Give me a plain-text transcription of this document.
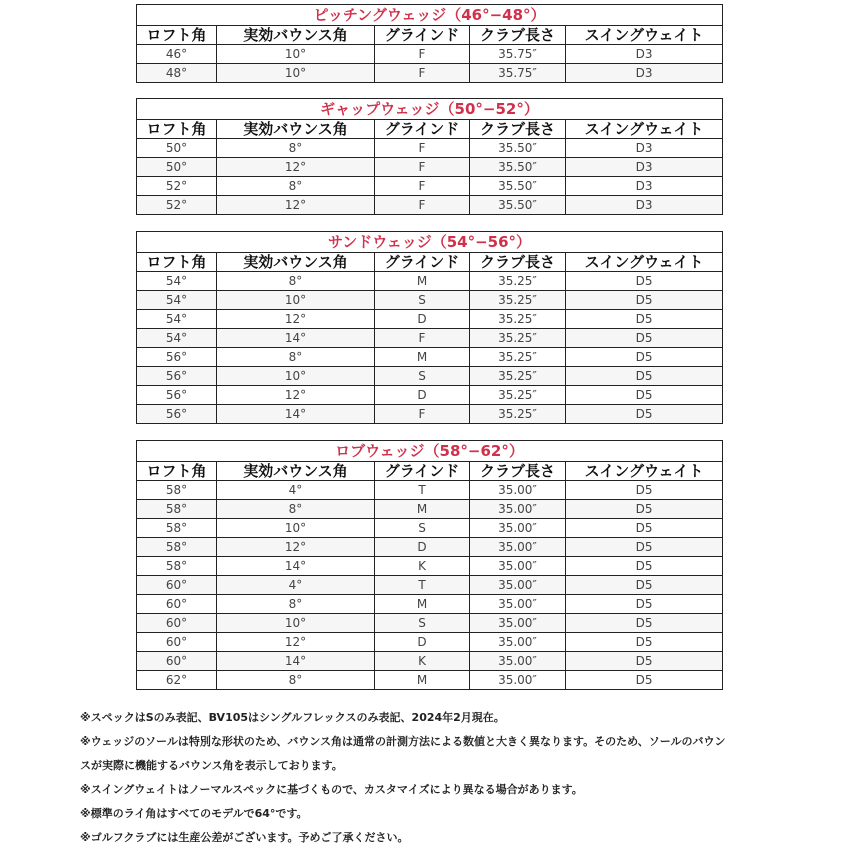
ピッチングウェッジ（46°−48°）				
ロフト角	実効バウンス角	グラインド	クラブ長さ	スイングウェイト
46°	10°	F	35.75″	D3
48°	10°	F	35.75″	D3
ギャップウェッジ（50°−52°）				
ロフト角	実効バウンス角	グラインド	クラブ長さ	スイングウェイト
50°	8°	F	35.50″	D3
50°	12°	F	35.50″	D3
52°	8°	F	35.50″	D3
52°	12°	F	35.50″	D3
サンドウェッジ（54°−56°）				
ロフト角	実効バウンス角	グラインド	クラブ長さ	スイングウェイト
54°	8°	M	35.25″	D5
54°	10°	S	35.25″	D5
54°	12°	D	35.25″	D5
54°	14°	F	35.25″	D5
56°	8°	M	35.25″	D5
56°	10°	S	35.25″	D5
56°	12°	D	35.25″	D5
56°	14°	F	35.25″	D5
ロブウェッジ（58°−62°）				
ロフト角	実効バウンス角	グラインド	クラブ長さ	スイングウェイト
58°	4°	T	35.00″	D5
58°	8°	M	35.00″	D5
58°	10°	S	35.00″	D5
58°	12°	D	35.00″	D5
58°	14°	K	35.00″	D5
60°	4°	T	35.00″	D5
60°	8°	M	35.00″	D5
60°	10°	S	35.00″	D5
60°	12°	D	35.00″	D5
60°	14°	K	35.00″	D5
62°	8°	M	35.00″	D5

※スペックはSのみ表記、BV105はシングルフレックスのみ表記、2024年2月現在。

※ウェッジのソールは特別な形状のため、バウンス角は通常の計測方法による数値と大きく異なります。そのため、ソールのバウン

スが実際に機能するバウンス角を表示しております。

※スイングウェイトはノーマルスペックに基づくもので、カスタマイズにより異なる場合があります。

※標準のライ角はすべてのモデルで64°です。

※ゴルフクラブには生産公差がございます。予めご了承ください。
